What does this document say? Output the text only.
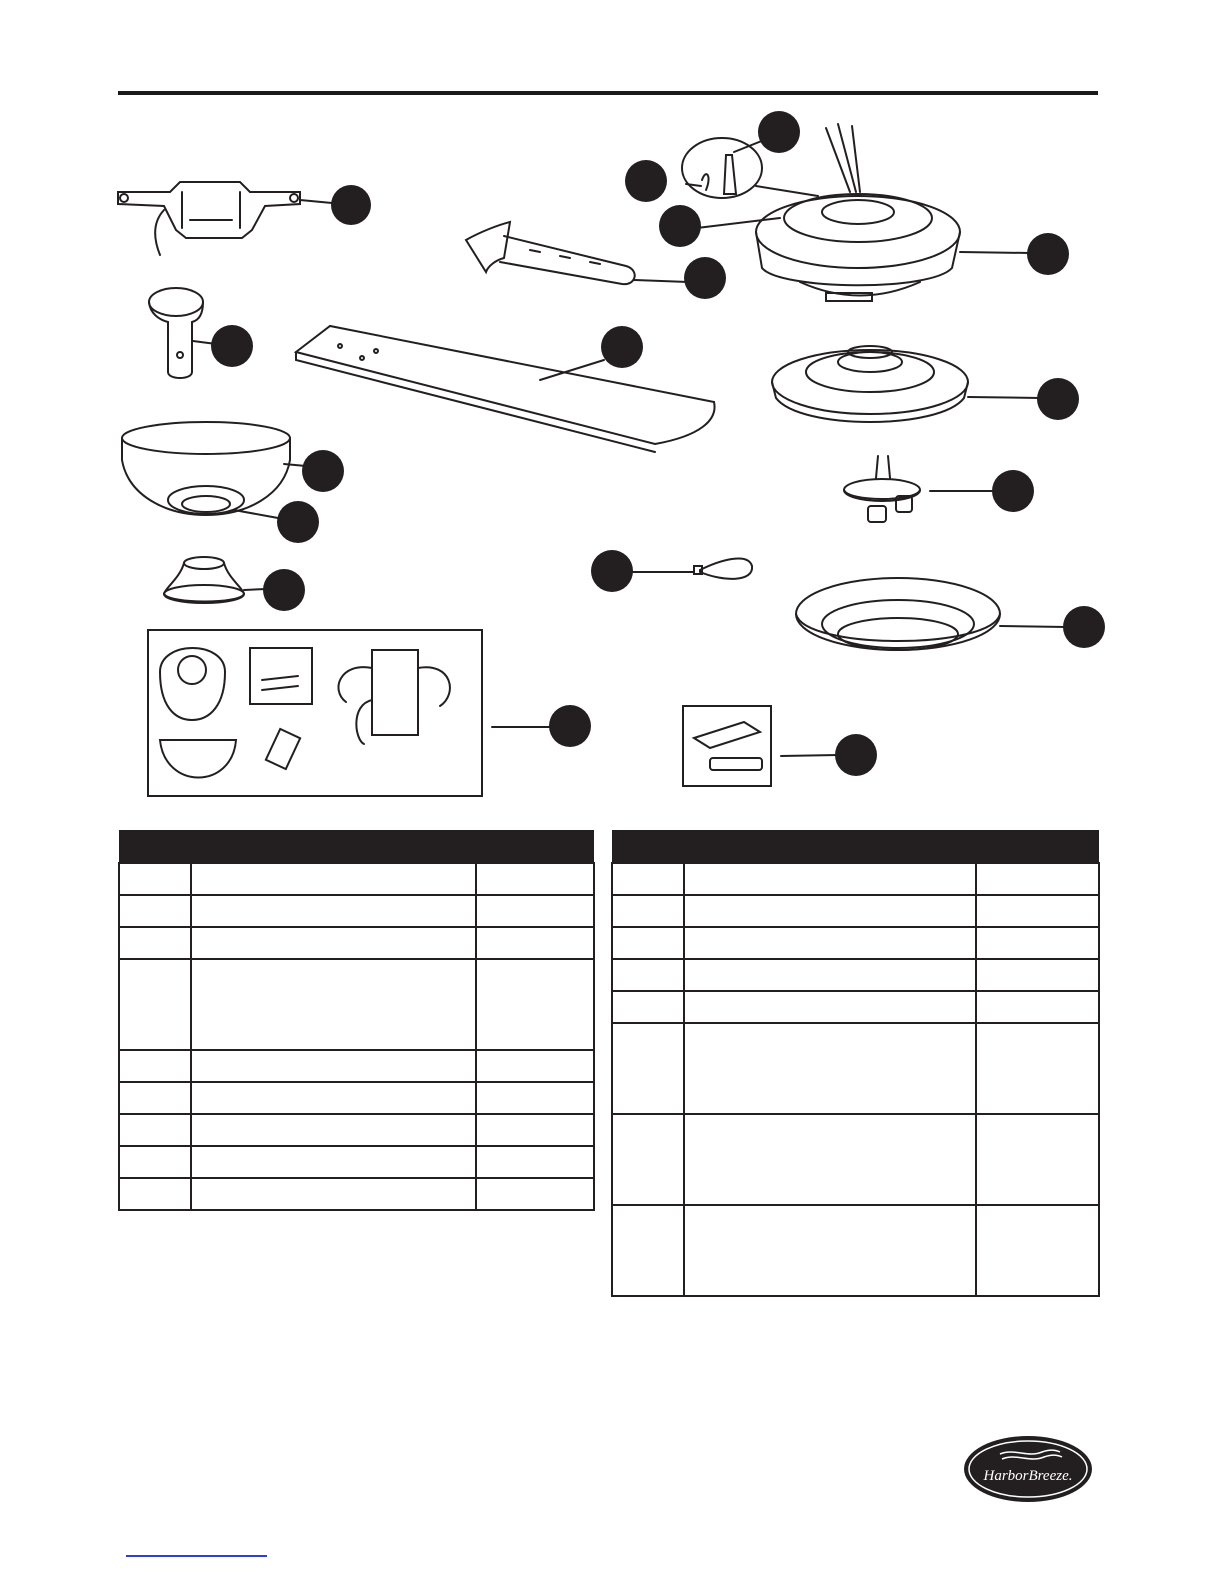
HarborBreeze.
